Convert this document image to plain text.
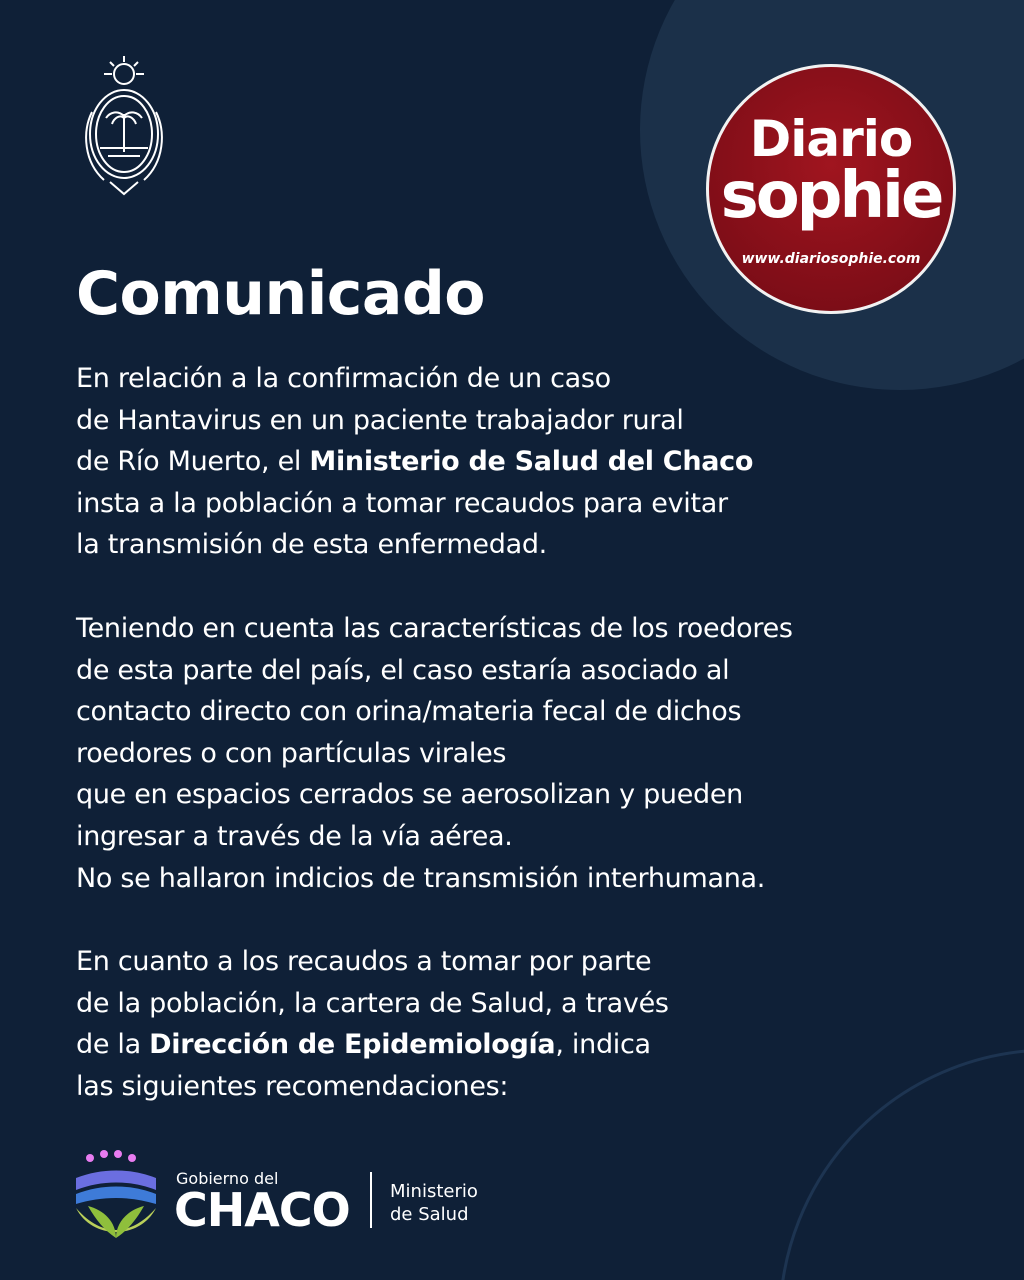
Diario
sophie
www.diariosophie.com
Comunicado

En relación a la confirmación de un caso
de Hantavirus en un paciente trabajador rural
de Río Muerto, el Ministerio de Salud del Chaco
insta a la población a tomar recaudos para evitar
la transmisión de esta enfermedad.

Teniendo en cuenta las características de los roedores
de esta parte del país, el caso estaría asociado al
contacto directo con orina/materia fecal de dichos
roedores o con partículas virales
que en espacios cerrados se aerosolizan y pueden
ingresar a través de la vía aérea.
No se hallaron indicios de transmisión interhumana.

En cuanto a los recaudos a tomar por parte
de la población, la cartera de Salud, a través
de la Dirección de Epidemiología, indica
las siguientes recomendaciones:

Gobierno del
CHACO Ministerio
de Salud
